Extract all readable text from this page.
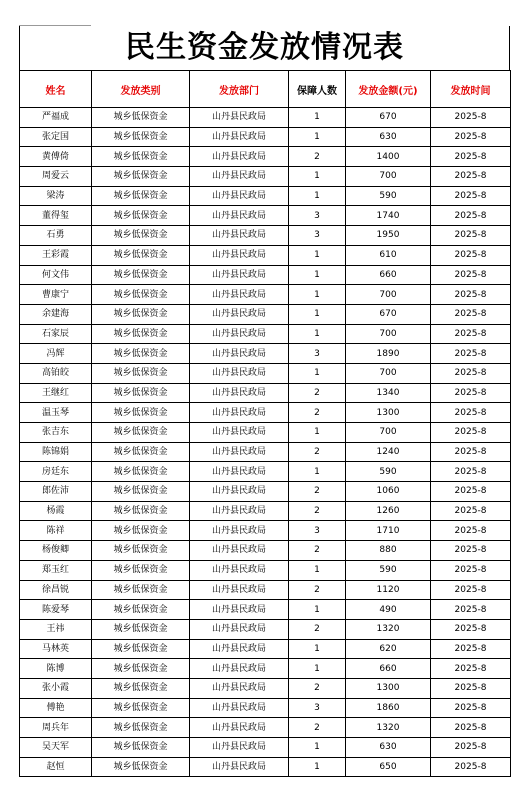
民生资金发放情况表
姓名	发放类别	发放部门	保障人数	发放金额(元)	发放时间
严福成	城乡低保资金	山丹县民政局	1	670	2025-8
张定国	城乡低保资金	山丹县民政局	1	630	2025-8
黄傅倚	城乡低保资金	山丹县民政局	2	1400	2025-8
周爱云	城乡低保资金	山丹县民政局	1	700	2025-8
梁涛	城乡低保资金	山丹县民政局	1	590	2025-8
董得玺	城乡低保资金	山丹县民政局	3	1740	2025-8
石勇	城乡低保资金	山丹县民政局	3	1950	2025-8
王彩霞	城乡低保资金	山丹县民政局	1	610	2025-8
何文伟	城乡低保资金	山丹县民政局	1	660	2025-8
曹康宁	城乡低保资金	山丹县民政局	1	700	2025-8
余建海	城乡低保资金	山丹县民政局	1	670	2025-8
石家辰	城乡低保资金	山丹县民政局	1	700	2025-8
冯辉	城乡低保资金	山丹县民政局	3	1890	2025-8
高铂皎	城乡低保资金	山丹县民政局	1	700	2025-8
王继红	城乡低保资金	山丹县民政局	2	1340	2025-8
温玉琴	城乡低保资金	山丹县民政局	2	1300	2025-8
张吉东	城乡低保资金	山丹县民政局	1	700	2025-8
陈锦娟	城乡低保资金	山丹县民政局	2	1240	2025-8
房廷东	城乡低保资金	山丹县民政局	1	590	2025-8
郎佐沛	城乡低保资金	山丹县民政局	2	1060	2025-8
杨霞	城乡低保资金	山丹县民政局	2	1260	2025-8
陈祥	城乡低保资金	山丹县民政局	3	1710	2025-8
杨俊卿	城乡低保资金	山丹县民政局	2	880	2025-8
郑玉红	城乡低保资金	山丹县民政局	1	590	2025-8
徐昌锐	城乡低保资金	山丹县民政局	2	1120	2025-8
陈爱琴	城乡低保资金	山丹县民政局	1	490	2025-8
王祎	城乡低保资金	山丹县民政局	2	1320	2025-8
马林英	城乡低保资金	山丹县民政局	1	620	2025-8
陈博	城乡低保资金	山丹县民政局	1	660	2025-8
张小霞	城乡低保资金	山丹县民政局	2	1300	2025-8
傅艳	城乡低保资金	山丹县民政局	3	1860	2025-8
周兵年	城乡低保资金	山丹县民政局	2	1320	2025-8
吴天军	城乡低保资金	山丹县民政局	1	630	2025-8
赵恒	城乡低保资金	山丹县民政局	1	650	2025-8
